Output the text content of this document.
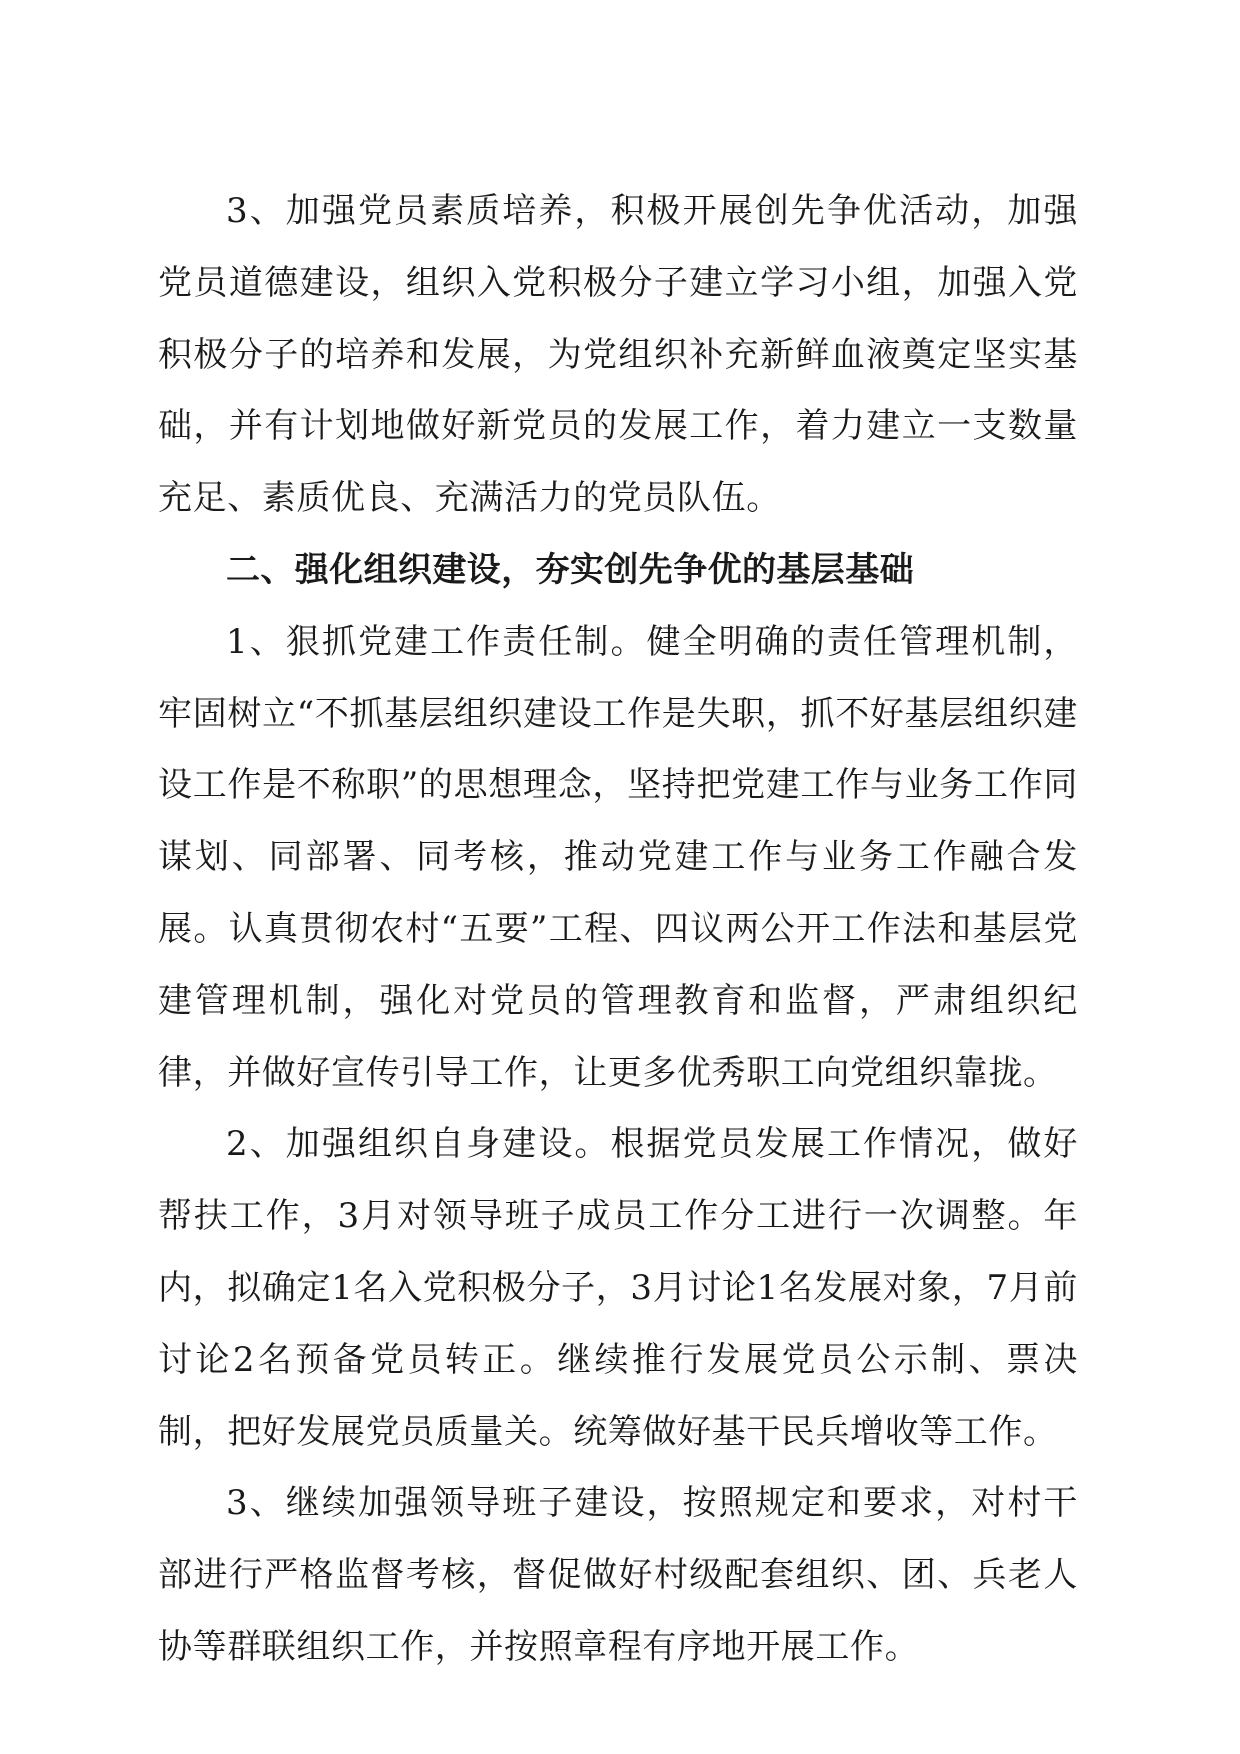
3、加强党员素质培养，积极开展创先争优活动，加强党员道德建设，组织入党积极分子建立学习小组，加强入党积极分子的培养和发展，为党组织补充新鲜血液奠定坚实基础，并有计划地做好新党员的发展工作，着力建立一支数量充足、素质优良、充满活力的党员队伍。

二、强化组织建设，夯实创先争优的基层基础

1、狠抓党建工作责任制。健全明确的责任管理机制，牢固树立“不抓基层组织建设工作是失职，抓不好基层组织建设工作是不称职”的思想理念，坚持把党建工作与业务工作同谋划、同部署、同考核，推动党建工作与业务工作融合发展。认真贯彻农村“五要”工程、四议两公开工作法和基层党建管理机制，强化对党员的管理教育和监督，严肃组织纪律，并做好宣传引导工作，让更多优秀职工向党组织靠拢。

2、加强组织自身建设。根据党员发展工作情况，做好帮扶工作，3月对领导班子成员工作分工进行一次调整。年内，拟确定1名入党积极分子，3月讨论1名发展对象，7月前讨论2名预备党员转正。继续推行发展党员公示制、票决制，把好发展党员质量关。统筹做好基干民兵增收等工作。

3、继续加强领导班子建设，按照规定和要求，对村干部进行严格监督考核，督促做好村级配套组织、团、兵老人协等群联组织工作，并按照章程有序地开展工作。
